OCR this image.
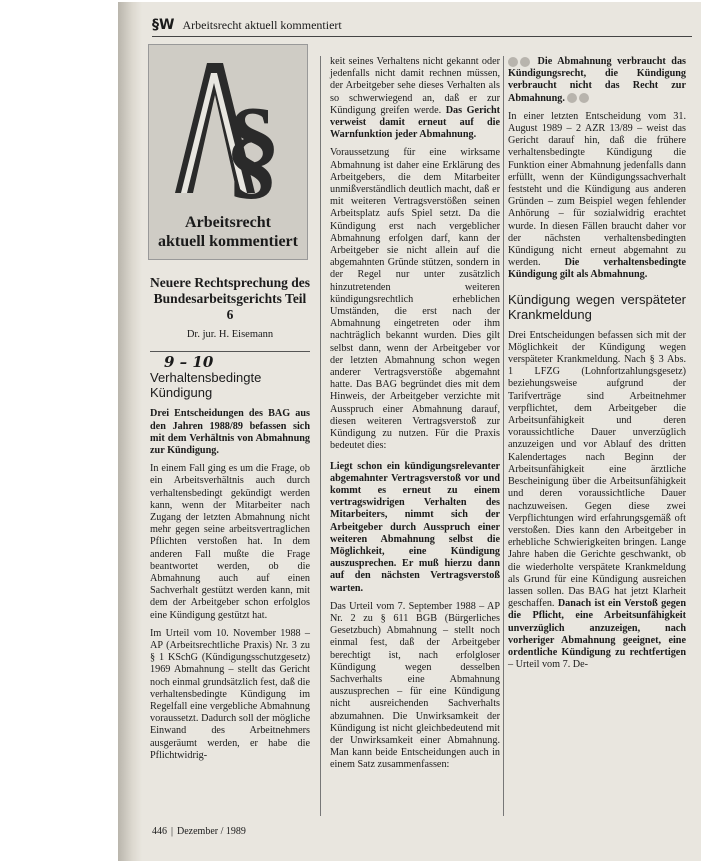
§W Arbeitsrecht aktuell kommentiert
§
Arbeitsrecht
aktuell kommentiert
Neuere Rechtsprechung des Bundesarbeitsgerichts Teil 6
Dr. jur. H. Eisemann
9 – 10
Verhaltensbedingte Kündigung

Drei Entscheidungen des BAG aus den Jahren 1988/89 befassen sich mit dem Verhältnis von Abmahnung zur Kündigung.

In einem Fall ging es um die Frage, ob ein Arbeitsverhältnis auch durch verhaltensbedingt gekündigt werden kann, wenn der Mitarbeiter nach Zugang der letzten Abmahnung nicht mehr gegen seine arbeitsvertraglichen Pflichten verstoßen hat. In dem anderen Fall mußte die Frage beantwortet werden, ob die Abmahnung auch auf einen Sachverhalt gestützt werden kann, mit dem der Arbeitgeber schon erfolglos eine Kündigung gestützt hat.

Im Urteil vom 10. November 1988 – AP (Arbeitsrechtliche Praxis) Nr. 3 zu § 1 KSchG (Kündigungsschutzgesetz) 1969 Abmahnung – stellt das Gericht noch einmal grundsätzlich fest, daß die verhaltensbedingte Kündigung im Regelfall eine vergebliche Abmahnung voraussetzt. Dadurch soll der mögliche Einwand des Arbeitnehmers ausgeräumt werden, er habe die Pflichtwidrig-

keit seines Verhaltens nicht gekannt oder jedenfalls nicht damit rechnen müssen, der Arbeitgeber sehe dieses Verhalten als so schwerwiegend an, daß er zur Kündigung greifen werde. Das Gericht verweist damit erneut auf die Warnfunktion jeder Abmahnung.

Voraussetzung für eine wirksame Abmahnung ist daher eine Erklärung des Arbeitgebers, die dem Mitarbeiter unmißverständlich deutlich macht, daß er mit weiteren Vertragsverstößen seinen Arbeitsplatz aufs Spiel setzt. Da die Kündigung erst nach vergeblicher Abmahnung erfolgen darf, kann der Arbeitgeber sie nicht allein auf die abgemahnten Gründe stützen, sondern in der Regel nur unter zusätzlich hinzutretenden weiteren kündigungsrechtlich erheblichen Umständen, die erst nach der Abmahnung eingetreten oder ihm nachträglich bekannt wurden. Dies gilt selbst dann, wenn der Arbeitgeber vor der letzten Abmahnung schon wegen anderer Vertragsverstöße abgemahnt hatte. Das BAG begründet dies mit dem Hinweis, der Arbeitgeber verzichte mit Ausspruch einer Abmahnung darauf, diesen weiteren Vertragsverstoß zur Kündigung zu nutzen. Für die Praxis bedeutet dies:

Liegt schon ein kündigungsrelevanter abgemahnter Vertragsverstoß vor und kommt es erneut zu einem vertragswidrigen Verhalten des Mitarbeiters, nimmt sich der Arbeitgeber durch Ausspruch einer weiteren Abmahnung selbst die Möglichkeit, eine Kündigung auszusprechen. Er muß hierzu dann auf den nächsten Vertragsverstoß warten.

Das Urteil vom 7. September 1988 – AP Nr. 2 zu § 611 BGB (Bürgerliches Gesetzbuch) Abmahnung – stellt noch einmal fest, daß der Arbeitgeber berechtigt ist, nach erfolgloser Kündigung wegen desselben Sachverhalts eine Abmahnung auszusprechen – für eine Kündigung nicht ausreichenden Sachverhalts abzumahnen. Die Unwirksamkeit der Kündigung ist nicht gleichbedeutend mit der Unwirksamkeit einer Abmahnung. Man kann beide Entscheidungen auch in einem Satz zusammenfassen:

Die Abmahnung verbraucht das Kündigungsrecht, die Kündigung verbraucht nicht das Recht zur Abmahnung.

In einer letzten Entscheidung vom 31. August 1989 – 2 AZR 13/89 – weist das Gericht darauf hin, daß die frühere verhaltensbedingte Kündigung die Funktion einer Abmahnung jedenfalls dann erfüllt, wenn der Kündigungssachverhalt feststeht und die Kündigung aus anderen Gründen – zum Beispiel wegen fehlender Anhörung – für sozialwidrig erachtet wurde. In diesen Fällen braucht daher vor der nächsten verhaltensbedingten Kündigung nicht erneut abgemahnt zu werden. Die verhaltensbedingte Kündigung gilt als Abmahnung.

Kündigung wegen verspäteter Krankmeldung

Drei Entscheidungen befassen sich mit der Möglichkeit der Kündigung wegen verspäteter Krankmeldung. Nach § 3 Abs. 1 LFZG (Lohnfortzahlungsgesetz) beziehungsweise aufgrund der Tarifverträge sind Arbeitnehmer verpflichtet, dem Arbeitgeber die Arbeitsunfähigkeit und deren voraussichtliche Dauer unverzüglich anzuzeigen und vor Ablauf des dritten Kalendertages nach Beginn der Arbeitsunfähigkeit eine ärztliche Bescheinigung über die Arbeitsunfähigkeit und deren voraussichtliche Dauer nachzuweisen. Gegen diese zwei Verpflichtungen wird erfahrungsgemäß oft verstoßen. Dies kann den Arbeitgeber in erhebliche Schwierigkeiten bringen. Lange Jahre haben die Gerichte geschwankt, ob die wiederholte verspätete Krankmeldung als Grund für eine Kündigung ausreichen lassen sollen. Das BAG hat jetzt Klarheit geschaffen. Danach ist ein Verstoß gegen die Pflicht, eine Arbeitsunfähigkeit unverzüglich anzuzeigen, nach vorheriger Abmahnung geeignet, eine ordentliche Kündigung zu rechtfertigen – Urteil vom 7. De-

446 | Dezember / 1989
